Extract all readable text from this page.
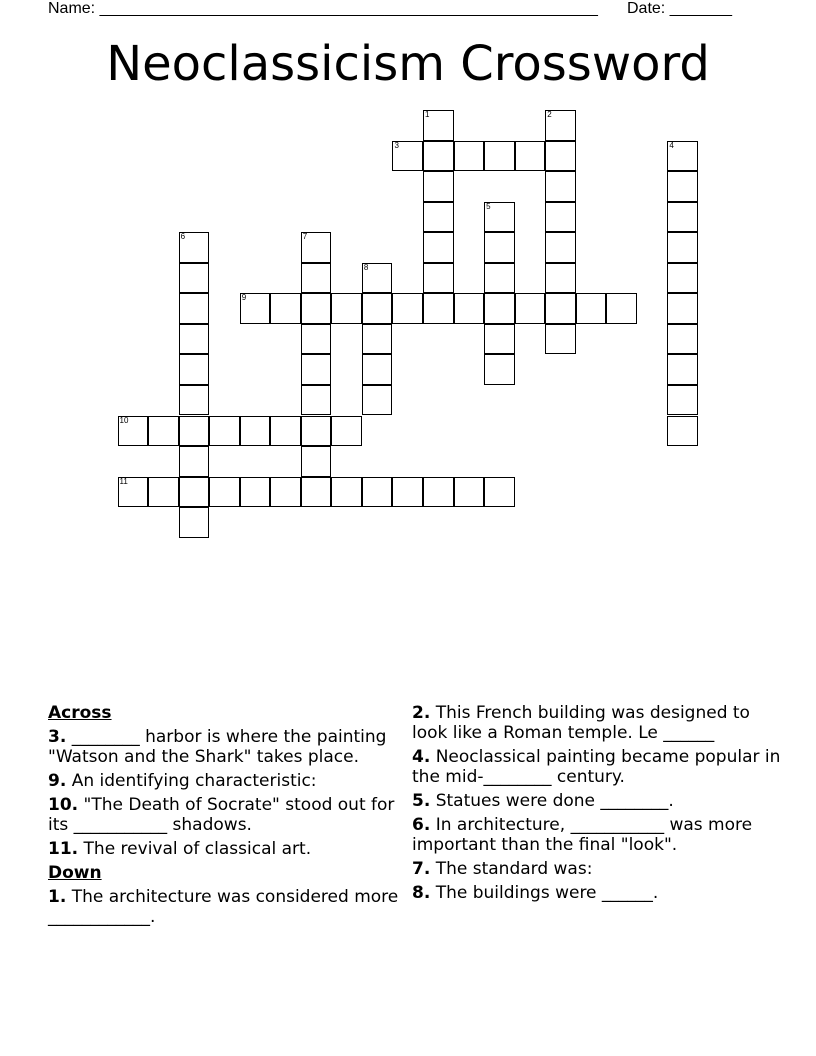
Name: ________________________________________________________ Date: _______
Neoclassicism Crossword
1	2
3	4
5
6	7
8
9
10
11
Across
3. ________ harbor is where the painting "Watson and the Shark" takes place.
9. An identifying characteristic:
10. "The Death of Socrate" stood out for its ___________ shadows.
11. The revival of classical art.
Down
1. The architecture was considered more ____________.
2. This French building was designed to look like a Roman temple. Le ______
4. Neoclassical painting became popular in the mid-________ century.
5. Statues were done ________.
6. In architecture, ___________ was more important than the final "look".
7. The standard was:
8. The buildings were ______.
